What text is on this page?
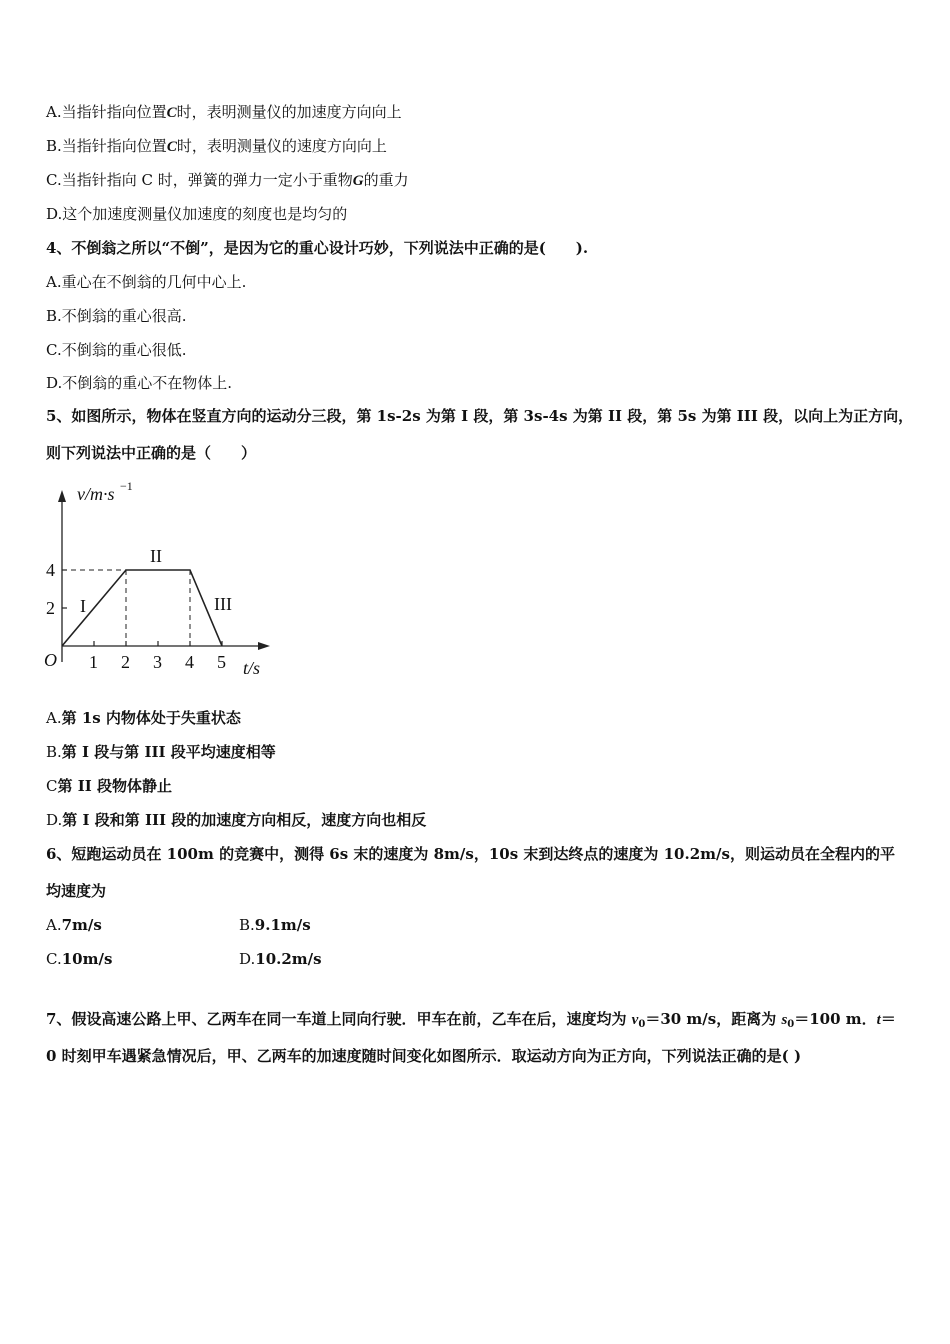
A.当指针指向位置C时，表明测量仪的加速度方向向上
B.当指针指向位置C时，表明测量仪的速度方向向上
C.当指针指向 C 时，弹簧的弹力一定小于重物G的重力
D.这个加速度测量仪加速度的刻度也是均匀的
4、不倒翁之所以“不倒”，是因为它的重心设计巧妙，下列说法中正确的是(　　).
A.重心在不倒翁的几何中心上.
B.不倒翁的重心很高.
C.不倒翁的重心很低.
D.不倒翁的重心不在物体上.
5、如图所示，物体在竖直方向的运动分三段，第 1s-2s 为第 I 段，第 3s-4s 为第 II 段，第 5s 为第 III 段，以向上为正方向，
则下列说法中正确的是（　　）
1 2 3 4 5
2
4
v/m·s −1
t/s
O
I
II
III
A.第 1s 内物体处于失重状态
B.第 I 段与第 III 段平均速度相等
C第 II 段物体静止
D.第 I 段和第 III 段的加速度方向相反，速度方向也相反
6、短跑运动员在 100m 的竞赛中，测得 6s 末的速度为 8m/s，10s 末到达终点的速度为 10.2m/s，则运动员在全程内的平
均速度为
A.7m/s	B.9.1m/s
C.10m/s	D.10.2m/s
7、假设高速公路上甲、乙两车在同一车道上同向行驶．甲车在前，乙车在后，速度均为 $v_0=30$ m/s，距离为 $s_0=100$ m．t＝
0 时刻甲车遇紧急情况后，甲、乙两车的加速度随时间变化如图所示．取运动方向为正方向，下列说法正确的是( )
